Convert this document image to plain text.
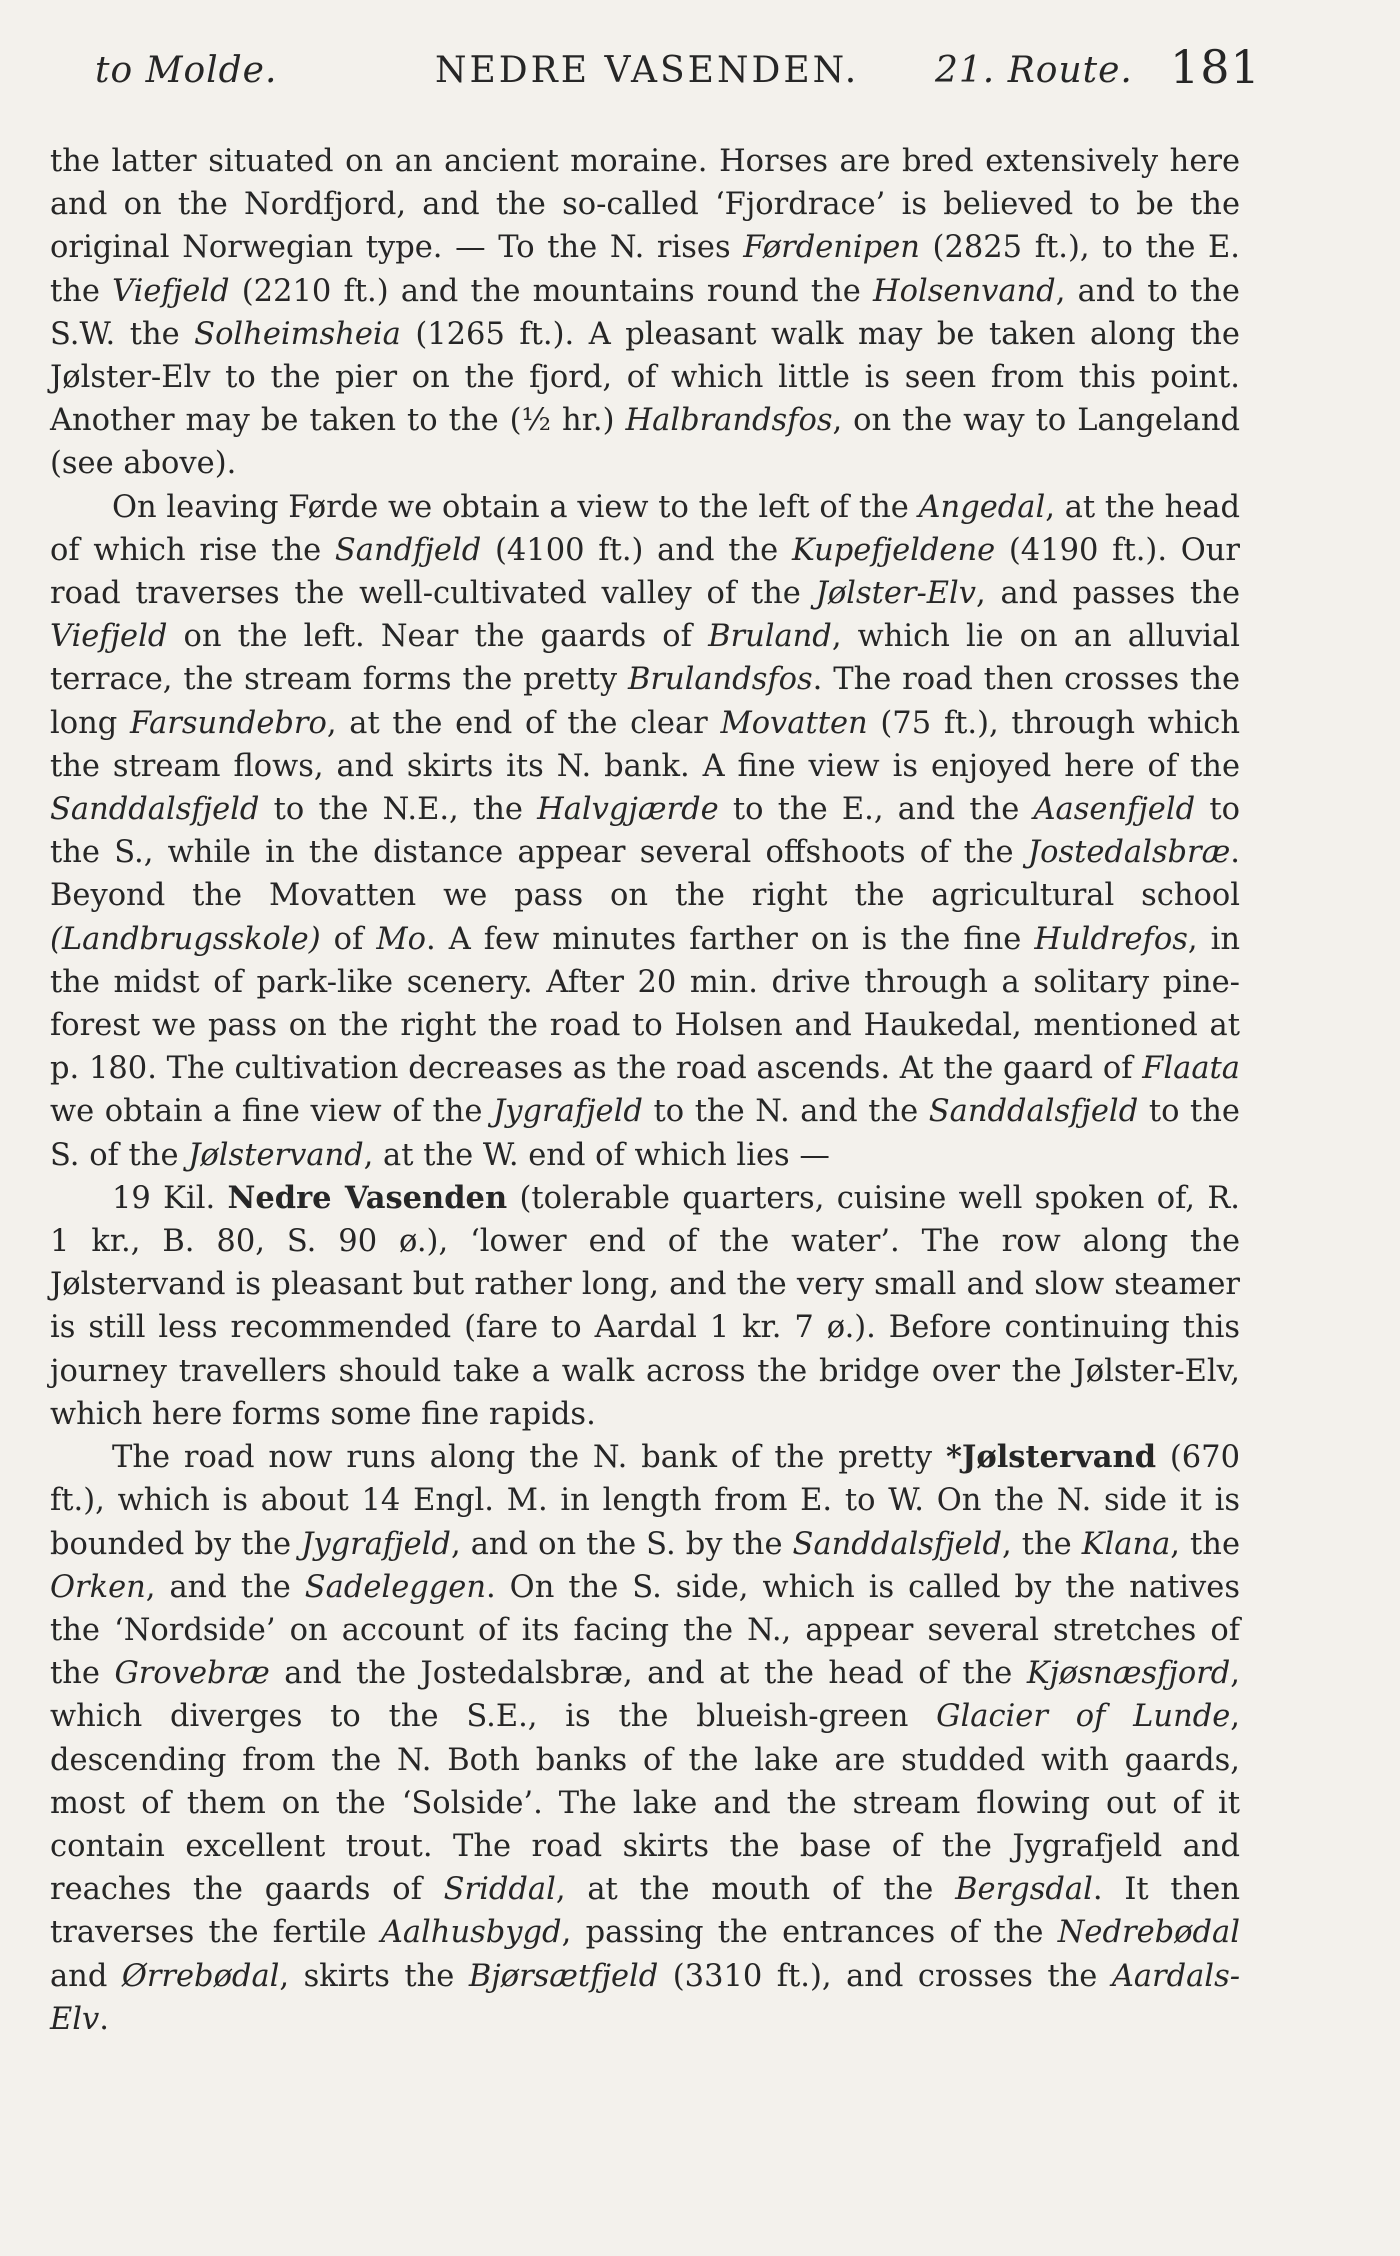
to Molde.	NEDRE VASENDEN. 21. Route. 181

the latter situated on an ancient moraine. Horses are bred extensively here and on the Nordfjord, and the so-called ‘Fjordrace’ is believed to be the original Norwegian type. — To the N. rises Førdenipen (2825 ft.), to the E. the Viefjeld (2210 ft.) and the mountains round the Holsenvand, and to the S.W. the Solheimsheia (1265 ft.). A pleasant walk may be taken along the Jølster-Elv to the pier on the fjord, of which little is seen from this point. Another may be taken to the (½ hr.) Halbrandsfos, on the way to Langeland (see above).

On leaving Førde we obtain a view to the left of the Angedal, at the head of which rise the Sandfjeld (4100 ft.) and the Kupefjeldene (4190 ft.). Our road traverses the well-cultivated valley of the Jølster-Elv, and passes the Viefjeld on the left. Near the gaards of Bruland, which lie on an alluvial terrace, the stream forms the pretty Brulandsfos. The road then crosses the long Farsundebro, at the end of the clear Movatten (75 ft.), through which the stream flows, and skirts its N. bank. A fine view is enjoyed here of the Sanddalsfjeld to the N.E., the Halvgjærde to the E., and the Aasenfjeld to the S., while in the distance appear several offshoots of the Jostedalsbræ. Beyond the Movatten we pass on the right the agricultural school (Landbrugsskole) of Mo. A few minutes farther on is the fine Huldrefos, in the midst of park-like scenery. After 20 min. drive through a solitary pine-forest we pass on the right the road to Holsen and Haukedal, mentioned at p. 180. The cultivation decreases as the road ascends. At the gaard of Flaata we obtain a fine view of the Jygrafjeld to the N. and the Sanddalsfjeld to the S. of the Jølstervand, at the W. end of which lies —

19 Kil. Nedre Vasenden (tolerable quarters, cuisine well spoken of, R. 1 kr., B. 80, S. 90 ø.), ‘lower end of the water’. The row along the Jølstervand is pleasant but rather long, and the very small and slow steamer is still less recommended (fare to Aardal 1 kr. 7 ø.). Before continuing this journey travellers should take a walk across the bridge over the Jølster-Elv, which here forms some fine rapids.

The road now runs along the N. bank of the pretty *Jølstervand (670 ft.), which is about 14 Engl. M. in length from E. to W. On the N. side it is bounded by the Jygrafjeld, and on the S. by the Sanddalsfjeld, the Klana, the Orken, and the Sadeleggen. On the S. side, which is called by the natives the ‘Nordside’ on account of its facing the N., appear several stretches of the Grovebræ and the Jostedalsbræ, and at the head of the Kjøsnæsfjord, which diverges to the S.E., is the blueish-green Glacier of Lunde, descending from the N. Both banks of the lake are studded with gaards, most of them on the ‘Solside’. The lake and the stream flowing out of it contain excellent trout. The road skirts the base of the Jygrafjeld and reaches the gaards of Sriddal, at the mouth of the Bergsdal. It then traverses the fertile Aalhusbygd, passing the entrances of the Nedrebødal and Ørrebødal, skirts the Bjørsætfjeld (3310 ft.), and crosses the Aardals-Elv.
